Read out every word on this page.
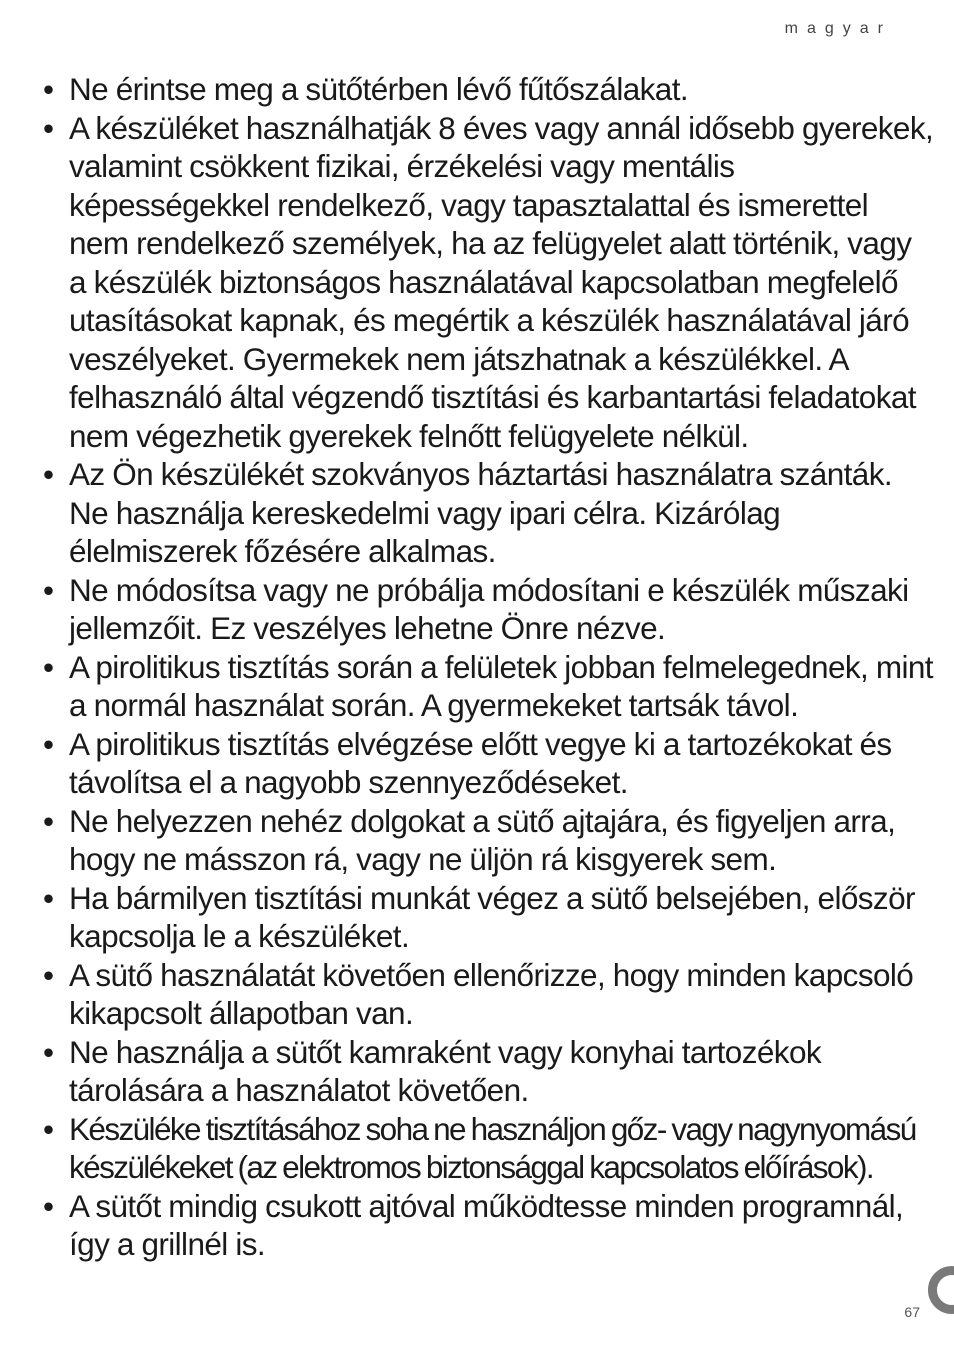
magyar
• Ne érintse meg a sütőtérben lévő fűtőszálakat.
• A készüléket használhatják 8 éves vagy annál idősebb gyerekek, valamint csökkent fizikai, érzékelési vagy mentális képességekkel rendelkező, vagy tapasztalattal és ismerettel nem rendelkező személyek, ha az felügyelet alatt történik, vagy a készülék biztonságos használatával kapcsolatban megfelelő utasításokat kapnak, és megértik a készülék használatával járó veszélyeket. Gyermekek nem játszhatnak a készülékkel. A felhasználó által végzendő tisztítási és karbantartási feladatokat nem végezhetik gyerekek felnőtt felügyelete nélkül.
• Az Ön készülékét szokványos háztartási használatra szánták. Ne használja kereskedelmi vagy ipari célra. Kizárólag élelmiszerek főzésére alkalmas.
• Ne módosítsa vagy ne próbálja módosítani e készülék műszaki jellemzőit. Ez veszélyes lehetne Önre nézve.
• A pirolitikus tisztítás során a felületek jobban felmelegednek, mint a normál használat során. A gyermekeket tartsák távol.
• A pirolitikus tisztítás elvégzése előtt vegye ki a tartozékokat és távolítsa el a nagyobb szennyeződéseket.
• Ne helyezzen nehéz dolgokat a sütő ajtajára, és figyeljen arra, hogy ne másszon rá, vagy ne üljön rá kisgyerek sem.
• Ha bármilyen tisztítási munkát végez a sütő belsejében, először kapcsolja le a készüléket.
• A sütő használatát követően ellenőrizze, hogy minden kapcsoló kikapcsolt állapotban van.
• Ne használja a sütőt kamraként vagy konyhai tartozékok tárolására a használatot követően.
• Készüléke tisztításához soha ne használjon gőz- vagy nagynyomású készülékeket (az elektromos biztonsággal kapcsolatos előírások).
• A sütőt mindig csukott ajtóval működtesse minden programnál, így a grillnél is.
67
